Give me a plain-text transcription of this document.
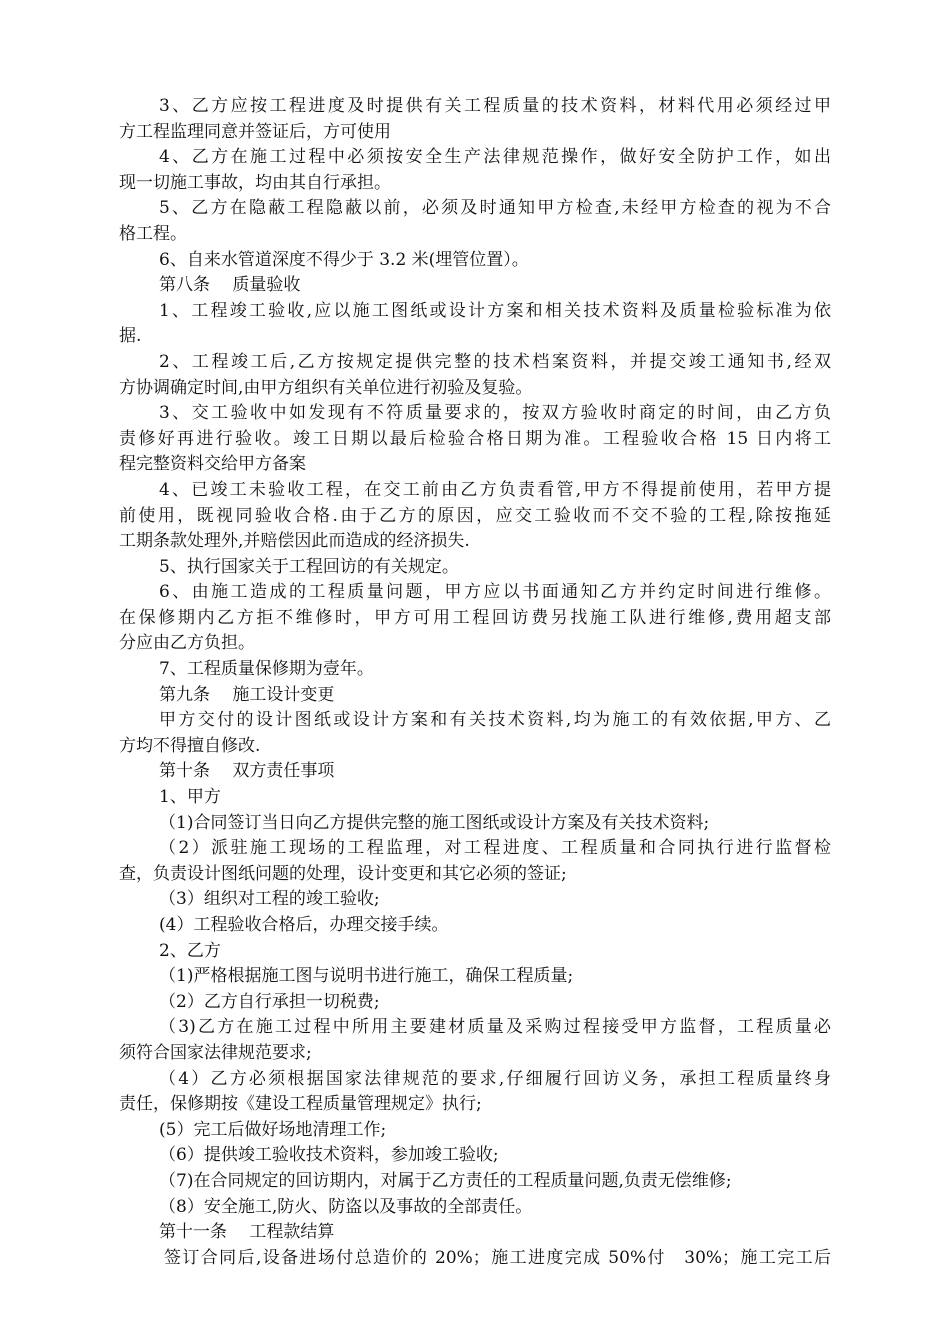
3、乙方应按工程进度及时提供有关工程质量的技术资料，材料代用必须经过甲
方工程监理同意并签证后，方可使用
4、乙方在施工过程中必须按安全生产法律规范操作，做好安全防护工作，如出
现一切施工事故，均由其自行承担。
5、乙方在隐蔽工程隐蔽以前，必须及时通知甲方检查,未经甲方检查的视为不合
格工程。
6、自来水管道深度不得少于 3.2 米(埋管位置）。
第八条　 质量验收
1、工程竣工验收,应以施工图纸或设计方案和相关技术资料及质量检验标准为依
据.
2、工程竣工后,乙方按规定提供完整的技术档案资料，并提交竣工通知书,经双
方协调确定时间,由甲方组织有关单位进行初验及复验。
3、交工验收中如发现有不符质量要求的，按双方验收时商定的时间，由乙方负
责修好再进行验收。竣工日期以最后检验合格日期为准。工程验收合格 15 日内将工
程完整资料交给甲方备案
4、已竣工未验收工程，在交工前由乙方负责看管,甲方不得提前使用，若甲方提
前使用，既视同验收合格.由于乙方的原因，应交工验收而不交不验的工程,除按拖延
工期条款处理外,并赔偿因此而造成的经济损失.
5、执行国家关于工程回访的有关规定。
6、由施工造成的工程质量问题，甲方应以书面通知乙方并约定时间进行维修。
在保修期内乙方拒不维修时，甲方可用工程回访费另找施工队进行维修,费用超支部
分应由乙方负担。
7、工程质量保修期为壹年。
第九条　 施工设计变更
甲方交付的设计图纸或设计方案和有关技术资料,均为施工的有效依据,甲方、乙
方均不得擅自修改.
第十条　 双方责任事项
1、甲方
（1)合同签订当日向乙方提供完整的施工图纸或设计方案及有关技术资料;
（2）派驻施工现场的工程监理，对工程进度、工程质量和合同执行进行监督检
查，负责设计图纸问题的处理，设计变更和其它必须的签证;
（3）组织对工程的竣工验收;
(4）工程验收合格后，办理交接手续。
2、乙方
（1)严格根据施工图与说明书进行施工，确保工程质量;
（2）乙方自行承担一切税费;
（3)乙方在施工过程中所用主要建材质量及采购过程接受甲方监督，工程质量必
须符合国家法律规范要求;
（4）乙方必须根据国家法律规范的要求,仔细履行回访义务，承担工程质量终身
责任，保修期按《建设工程质量管理规定》执行;
(5）完工后做好场地清理工作;
（6）提供竣工验收技术资料，参加竣工验收;
（7)在合同规定的回访期内，对属于乙方责任的工程质量问题,负责无偿维修;
（8）安全施工,防火、防盗以及事故的全部责任。
第十一条　 工程款结算
签订合同后,设备进场付总造价的 20%；施工进度完成 50%付　30%；施工完工后
